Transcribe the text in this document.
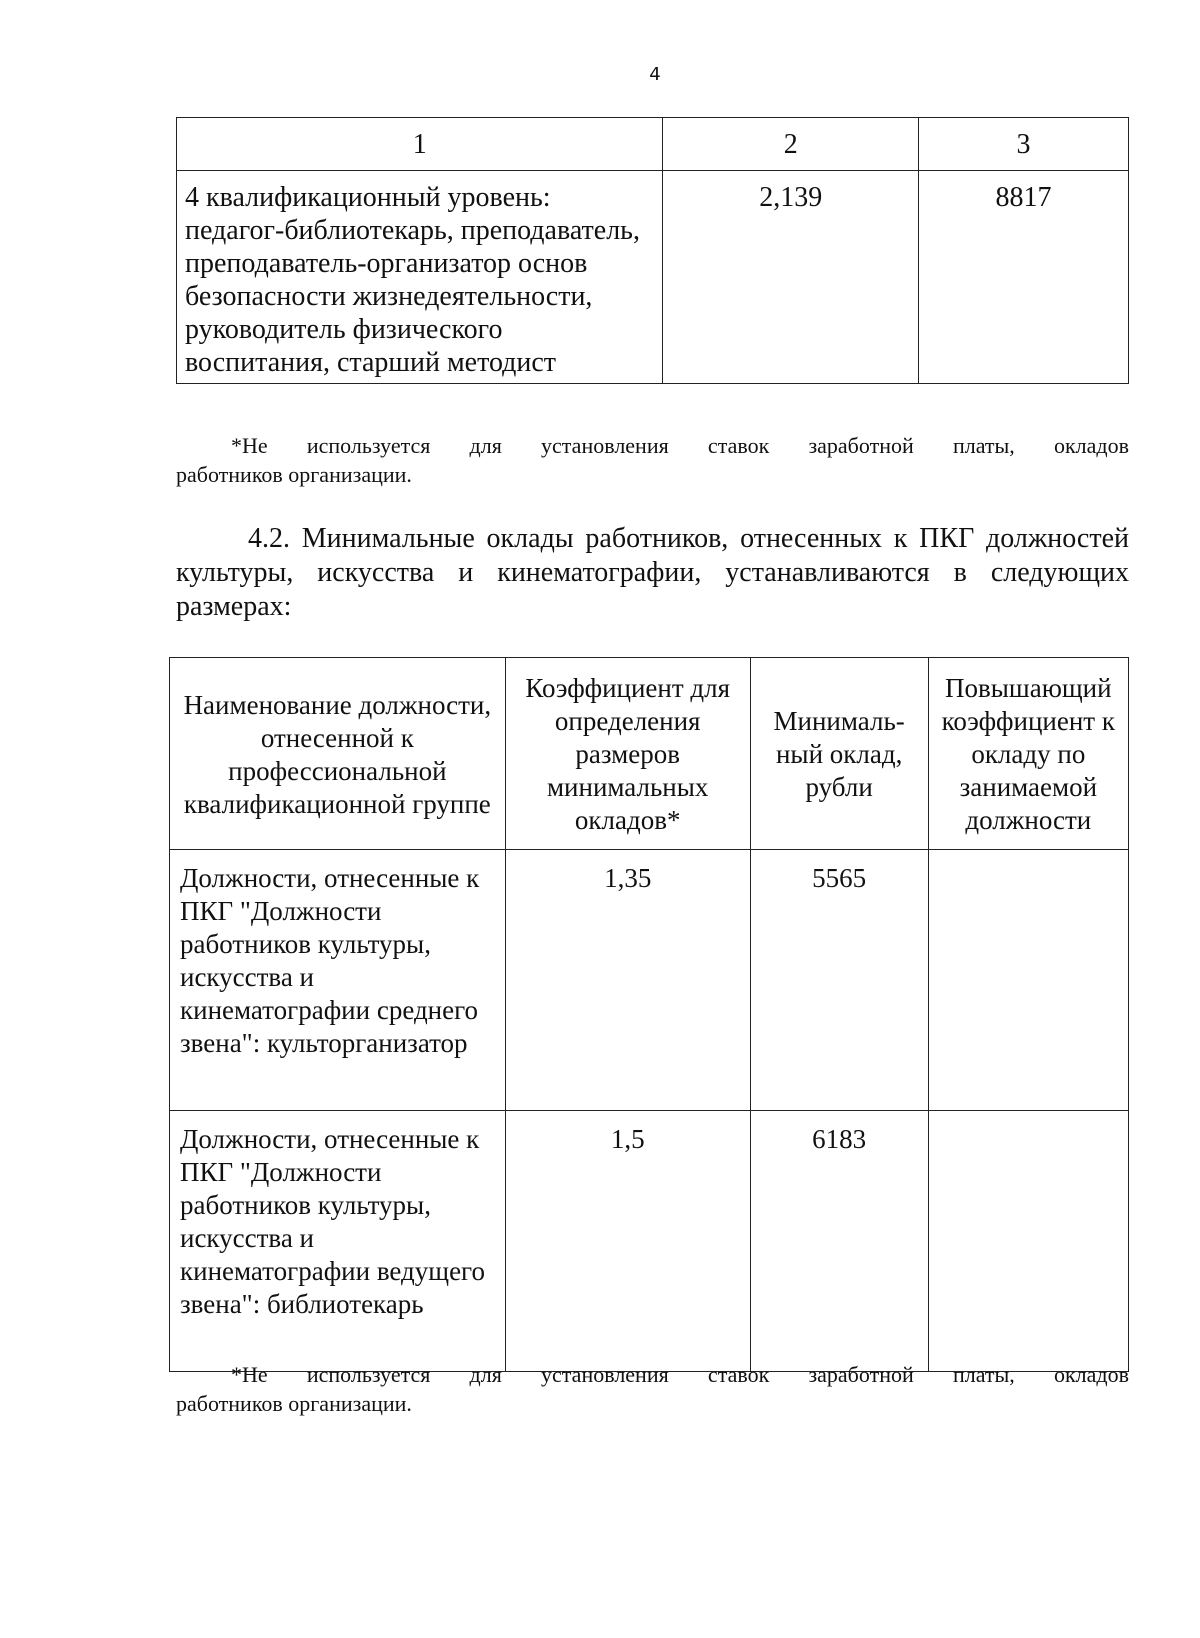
4
1	2	3
4 квалификационный уровень: педагог-библиотекарь, преподаватель, преподаватель-организатор основ безопасности жизнедеятельности, руководитель физического воспитания, старший методист	2,139	8817
*Не используется для установления ставок заработной платы, окладов
работников организации.
4.2. Минимальные оклады работников, отнесенных к ПКГ должностей культуры, искусства и кинематографии, устанавливаются в следующих размерах:
Наименование должности, отнесенной к профессиональной квалификационной группе	Коэффициент для определения размеров минимальных окладов*	Минималь-ный оклад, рубли	Повышающий коэффициент к окладу по занимаемой должности
Должности, отнесенные к ПКГ "Должности работников культуры, искусства и кинематографии среднего звена": культорганизатор	1,35	5565	
Должности, отнесенные к ПКГ "Должности работников культуры, искусства и кинематографии ведущего звена": библиотекарь	1,5	6183	
*Не используется для установления ставок заработной платы, окладов
работников организации.
